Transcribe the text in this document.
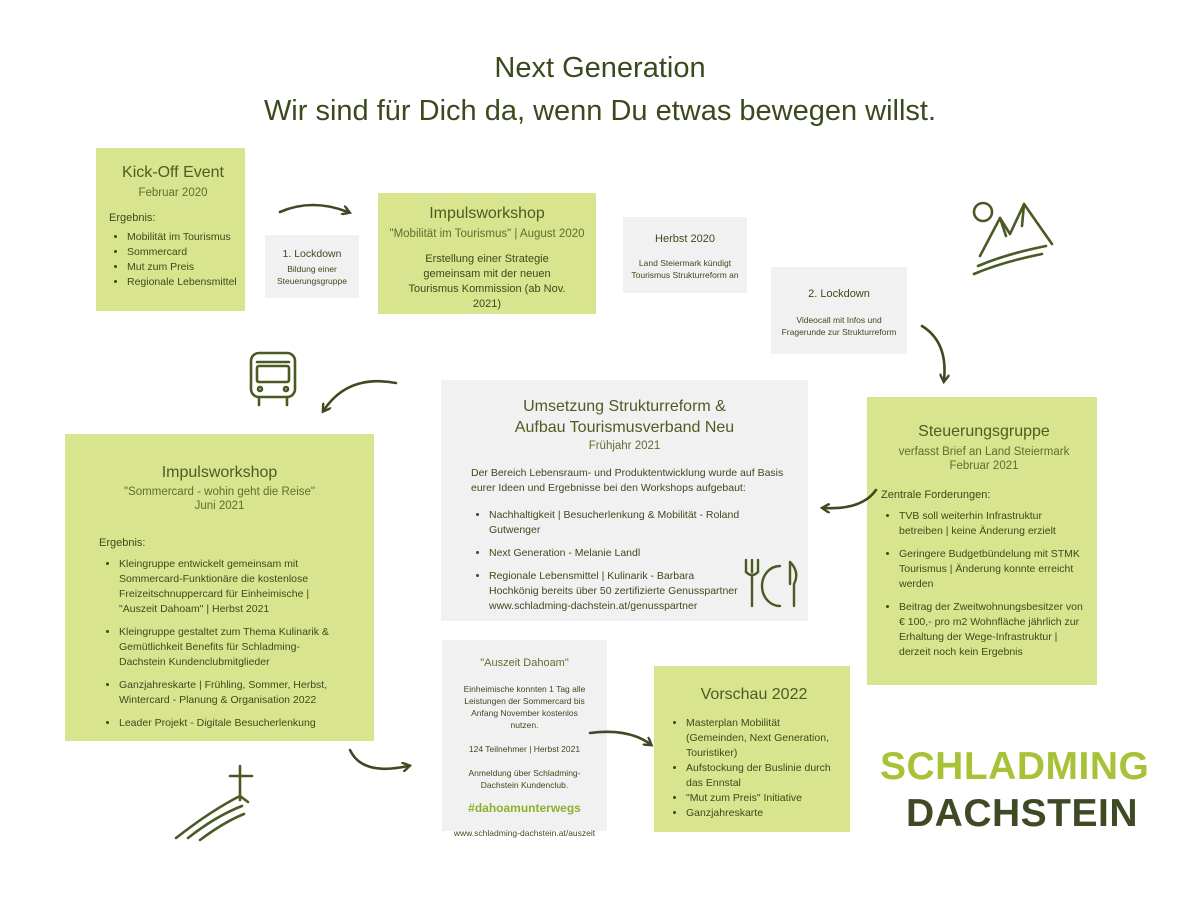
Next Generation
Wir sind für Dich da, wenn Du etwas bewegen willst.
Kick-Off Event
Februar 2020
Ergebnis:
• Mobilität im Tourismus
• Sommercard
• Mut zum Preis
• Regionale Lebensmittel
1. Lockdown
Bildung einer Steuerungsgruppe
Impulsworkshop
"Mobilität im Tourismus" | August 2020
Erstellung einer Strategie gemeinsam mit der neuen Tourismus Kommission (ab Nov. 2021)
Herbst 2020
Land Steiermark kündigt Tourismus Strukturreform an
2. Lockdown
Videocall mit Infos und Fragerunde zur Strukturreform
Steuerungsgruppe
verfasst Brief an Land Steiermark
Februar 2021
Zentrale Forderungen:
• TVB soll weiterhin Infrastruktur betreiben | keine Änderung erzielt
• Geringere Budgetbündelung mit STMK Tourismus | Änderung konnte erreicht werden
• Beitrag der Zweitwohnungsbesitzer von € 100,- pro m2 Wohnfläche jährlich zur Erhaltung der Wege-Infrastruktur | derzeit noch kein Ergebnis
Umsetzung Strukturreform &
Aufbau Tourismusverband Neu
Frühjahr 2021
Der Bereich Lebensraum- und Produktentwicklung wurde auf Basis eurer Ideen und Ergebnisse bei den Workshops aufgebaut:
• Nachhaltigkeit | Besucherlenkung & Mobilität - Roland Gutwenger
• Next Generation - Melanie Landl
• Regionale Lebensmittel | Kulinarik - Barbara Hochkönig bereits über 50 zertifizierte Genusspartner www.schladming-dachstein.at/genusspartner
Impulsworkshop
"Sommercard - wohin geht die Reise"
Juni 2021
Ergebnis:
• Kleingruppe entwickelt gemeinsam mit Sommercard-Funktionäre die kostenlose Freizeitschnuppercard für Einheimische | "Auszeit Dahoam" | Herbst 2021
• Kleingruppe gestaltet zum Thema Kulinarik & Gemütlichkeit Benefits für Schladming-Dachstein Kundenclubmitglieder
• Ganzjahreskarte | Frühling, Sommer, Herbst, Wintercard - Planung & Organisation 2022
• Leader Projekt - Digitale Besucherlenkung
"Auszeit Dahoam"
Einheimische konnten 1 Tag alle Leistungen der Sommercard bis Anfang November kostenlos nutzen.
124 Teilnehmer | Herbst 2021
Anmeldung über Schladming-Dachstein Kundenclub.
#dahoamunterwegs
www.schladming-dachstein.at/auszeit
Vorschau 2022
• Masterplan Mobilität (Gemeinden, Next Generation, Touristiker)
• Aufstockung der Buslinie durch das Ennstal
• "Mut zum Preis" Initiative
• Ganzjahreskarte
SCHLADMING
DACHSTEIN
